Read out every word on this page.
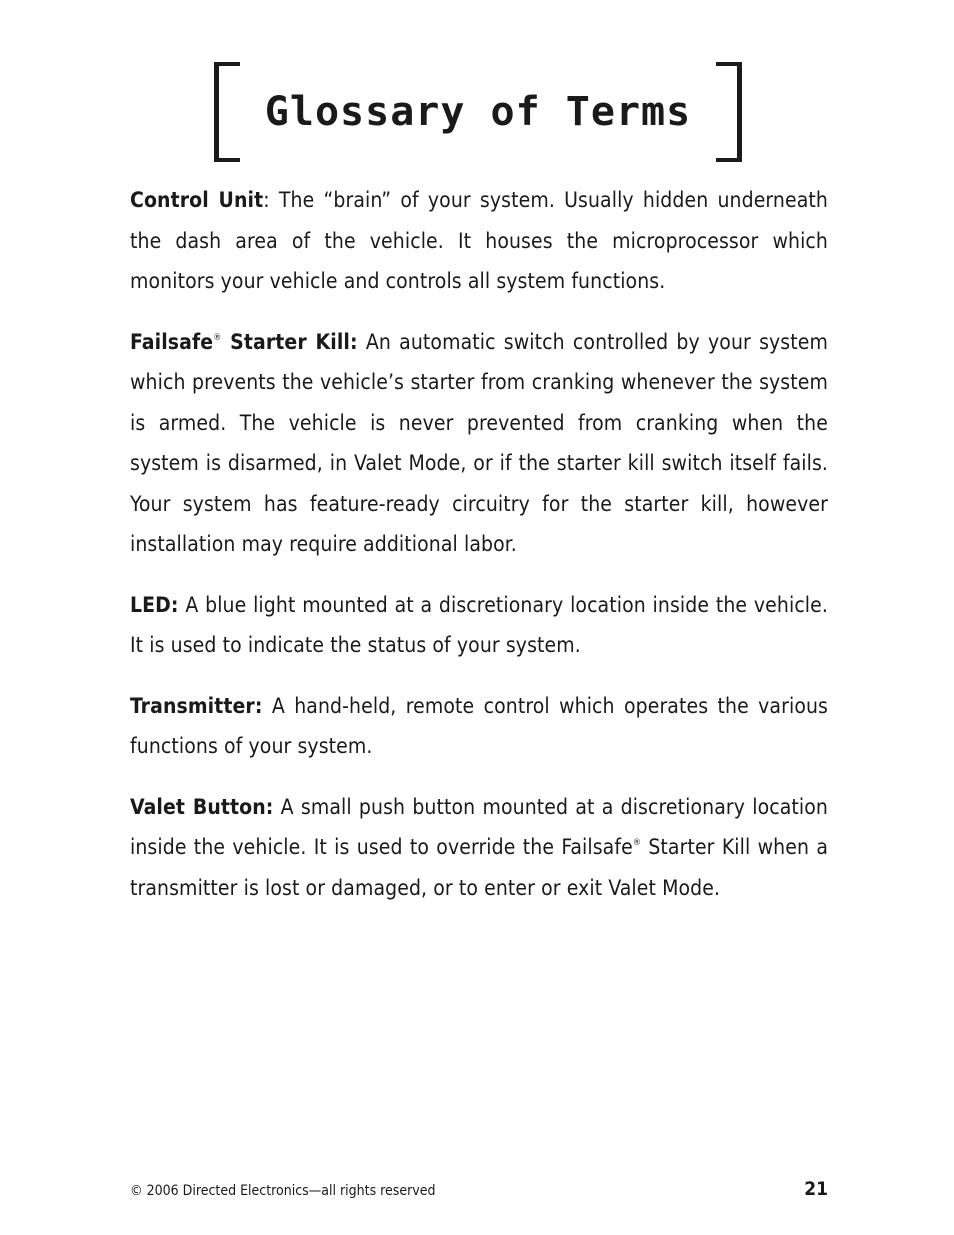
Glossary of Terms

Control Unit: The “brain” of your system. Usually hidden underneath the dash area of the vehicle. It houses the microprocessor which monitors your vehicle and controls all system functions.

Failsafe® Starter Kill: An automatic switch controlled by your system which prevents the vehicle’s starter from cranking whenever the system is armed. The vehicle is never prevented from cranking when the system is disarmed, in Valet Mode, or if the starter kill switch itself fails. Your system has feature-ready circuitry for the starter kill, however installation may require additional labor.

LED: A blue light mounted at a discretionary location inside the vehicle. It is used to indicate the status of your system.

Transmitter: A hand-held, remote control which operates the various functions of your system.

Valet Button: A small push button mounted at a discretionary location inside the vehicle. It is used to override the Failsafe® Starter Kill when a transmitter is lost or damaged, or to enter or exit Valet Mode.

© 2006 Directed Electronics—all rights reserved	21
